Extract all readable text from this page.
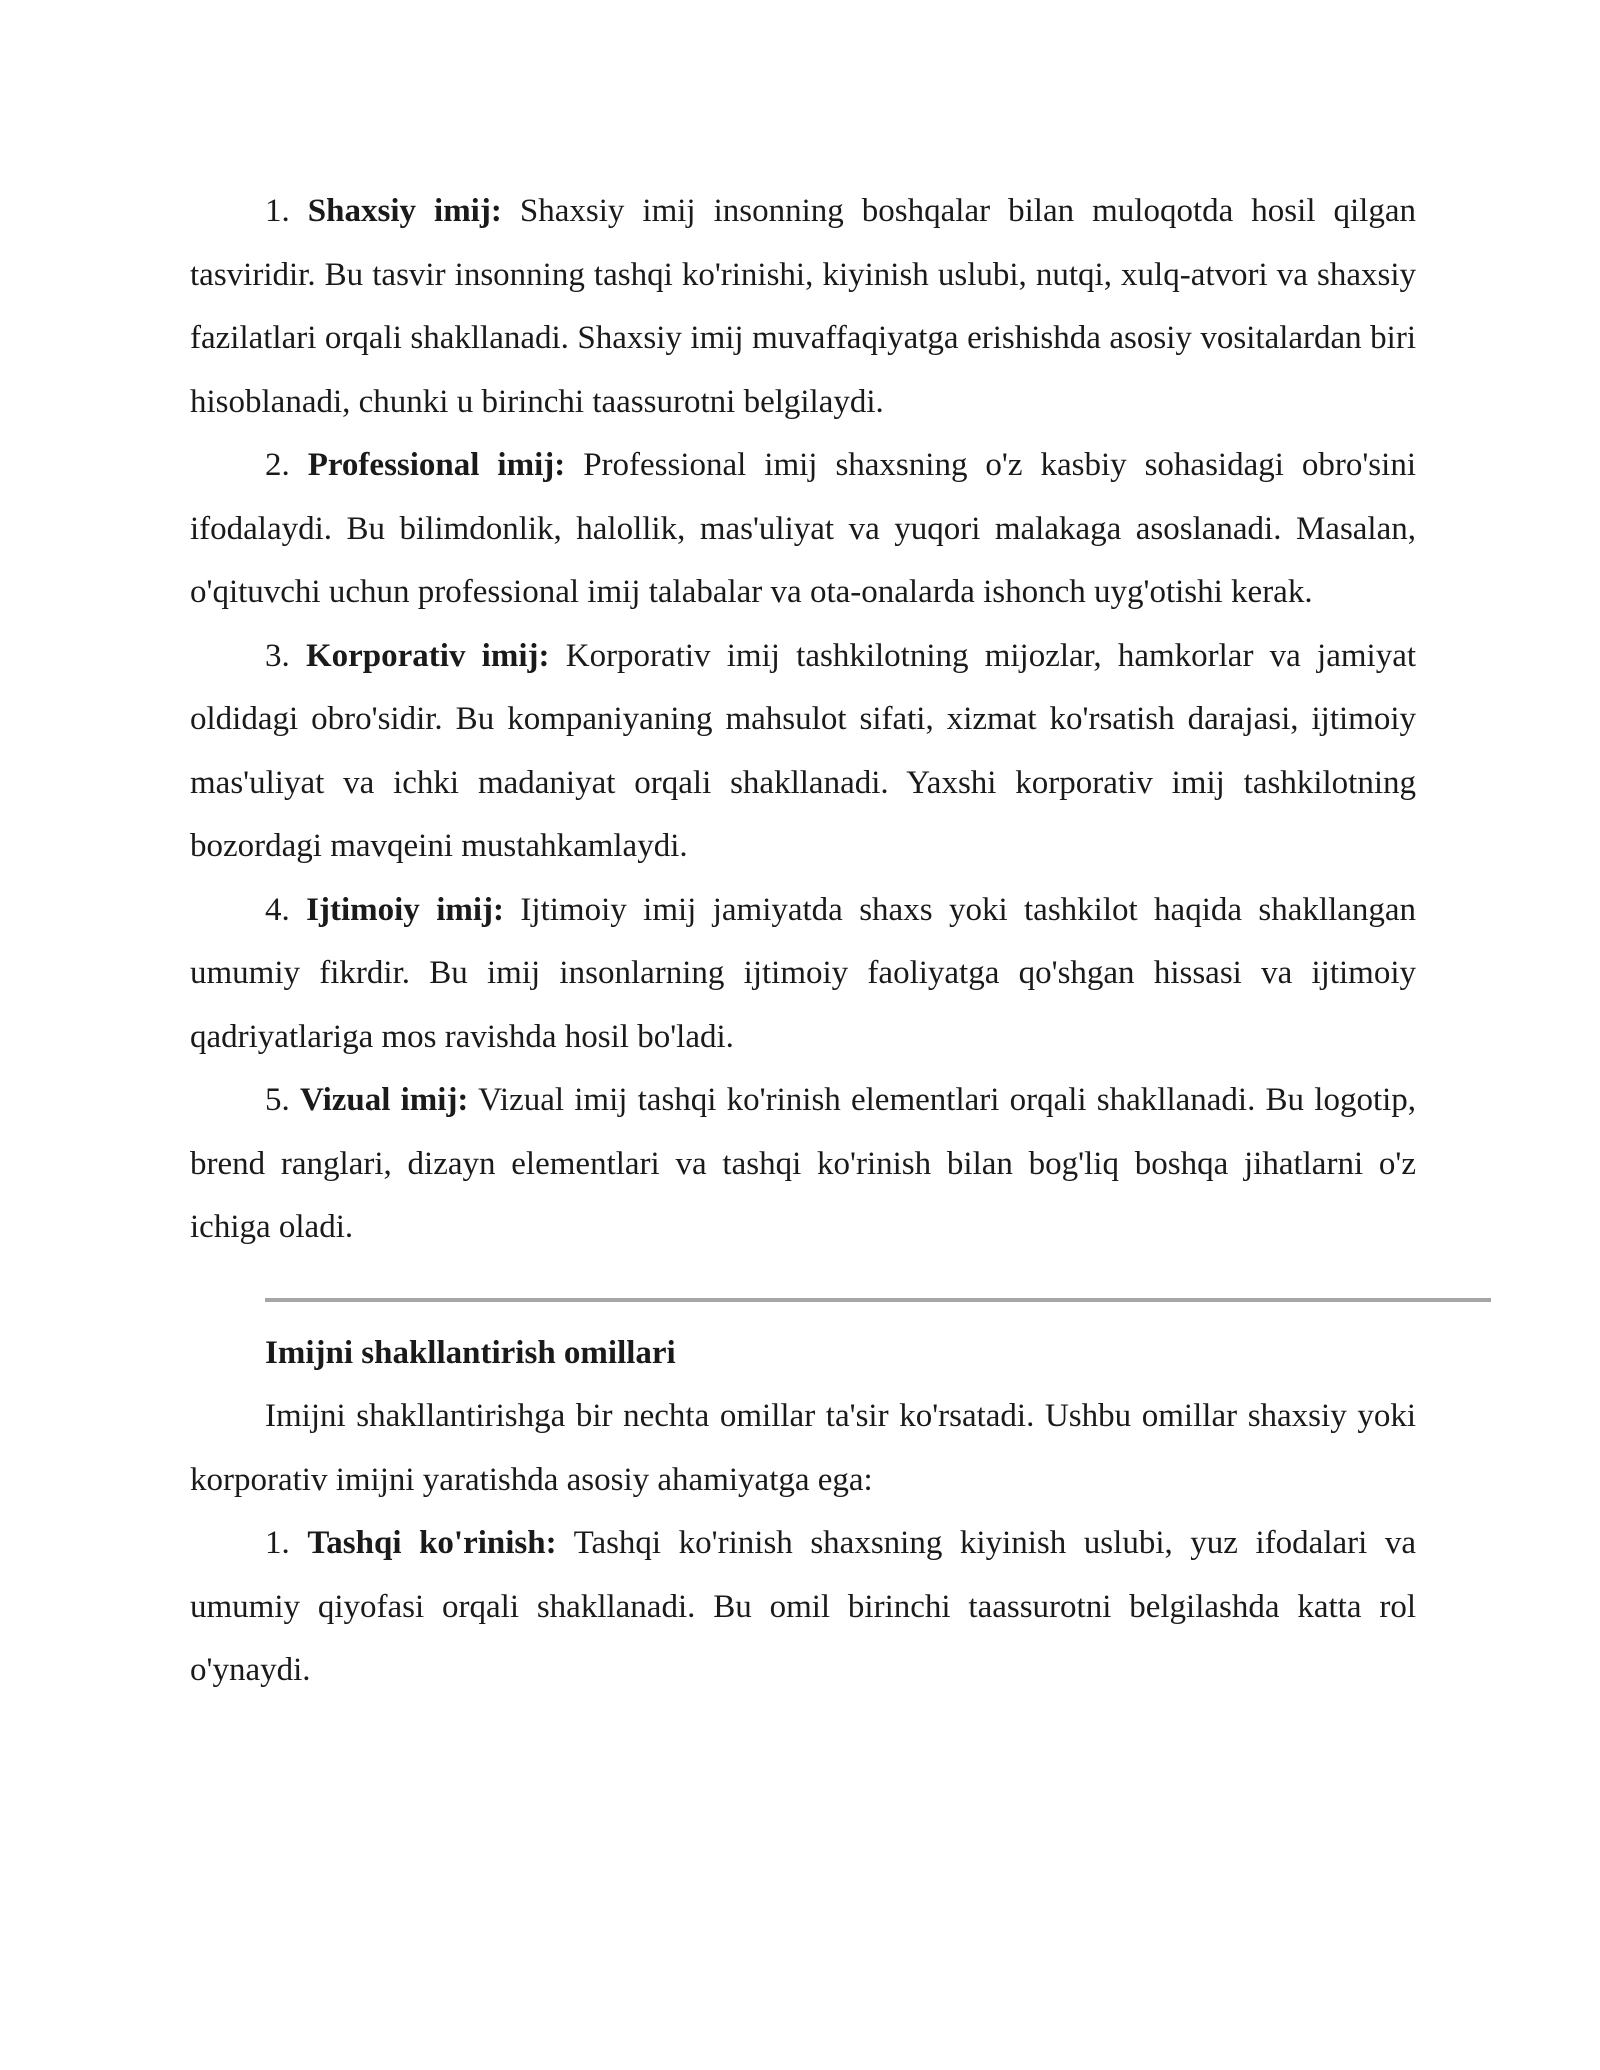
1. Shaxsiy imij: Shaxsiy imij insonning boshqalar bilan muloqotda hosil qilgan tasviridir. Bu tasvir insonning tashqi ko'rinishi, kiyinish uslubi, nutqi, xulq-atvori va shaxsiy fazilatlari orqali shakllanadi. Shaxsiy imij muvaffaqiyatga erishishda asosiy vositalardan biri hisoblanadi, chunki u birinchi taassurotni belgilaydi.

2. Professional imij: Professional imij shaxsning o'z kasbiy sohasidagi obro'sini ifodalaydi. Bu bilimdonlik, halollik, mas'uliyat va yuqori malakaga asoslanadi. Masalan, o'qituvchi uchun professional imij talabalar va ota-onalarda ishonch uyg'otishi kerak.

3. Korporativ imij: Korporativ imij tashkilotning mijozlar, hamkorlar va jamiyat oldidagi obro'sidir. Bu kompaniyaning mahsulot sifati, xizmat ko'rsatish darajasi, ijtimoiy mas'uliyat va ichki madaniyat orqali shakllanadi. Yaxshi korporativ imij tashkilotning bozordagi mavqeini mustahkamlaydi.

4. Ijtimoiy imij: Ijtimoiy imij jamiyatda shaxs yoki tashkilot haqida shakllangan umumiy fikrdir. Bu imij insonlarning ijtimoiy faoliyatga qo'shgan hissasi va ijtimoiy qadriyatlariga mos ravishda hosil bo'ladi.

5. Vizual imij: Vizual imij tashqi ko'rinish elementlari orqali shakllanadi. Bu logotip, brend ranglari, dizayn elementlari va tashqi ko'rinish bilan bog'liq boshqa jihatlarni o'z ichiga oladi.

Imijni shakllantirish omillari

Imijni shakllantirishga bir nechta omillar ta'sir ko'rsatadi. Ushbu omillar shaxsiy yoki korporativ imijni yaratishda asosiy ahamiyatga ega:

1. Tashqi ko'rinish: Tashqi ko'rinish shaxsning kiyinish uslubi, yuz ifodalari va umumiy qiyofasi orqali shakllanadi. Bu omil birinchi taassurotni belgilashda katta rol o'ynaydi.
